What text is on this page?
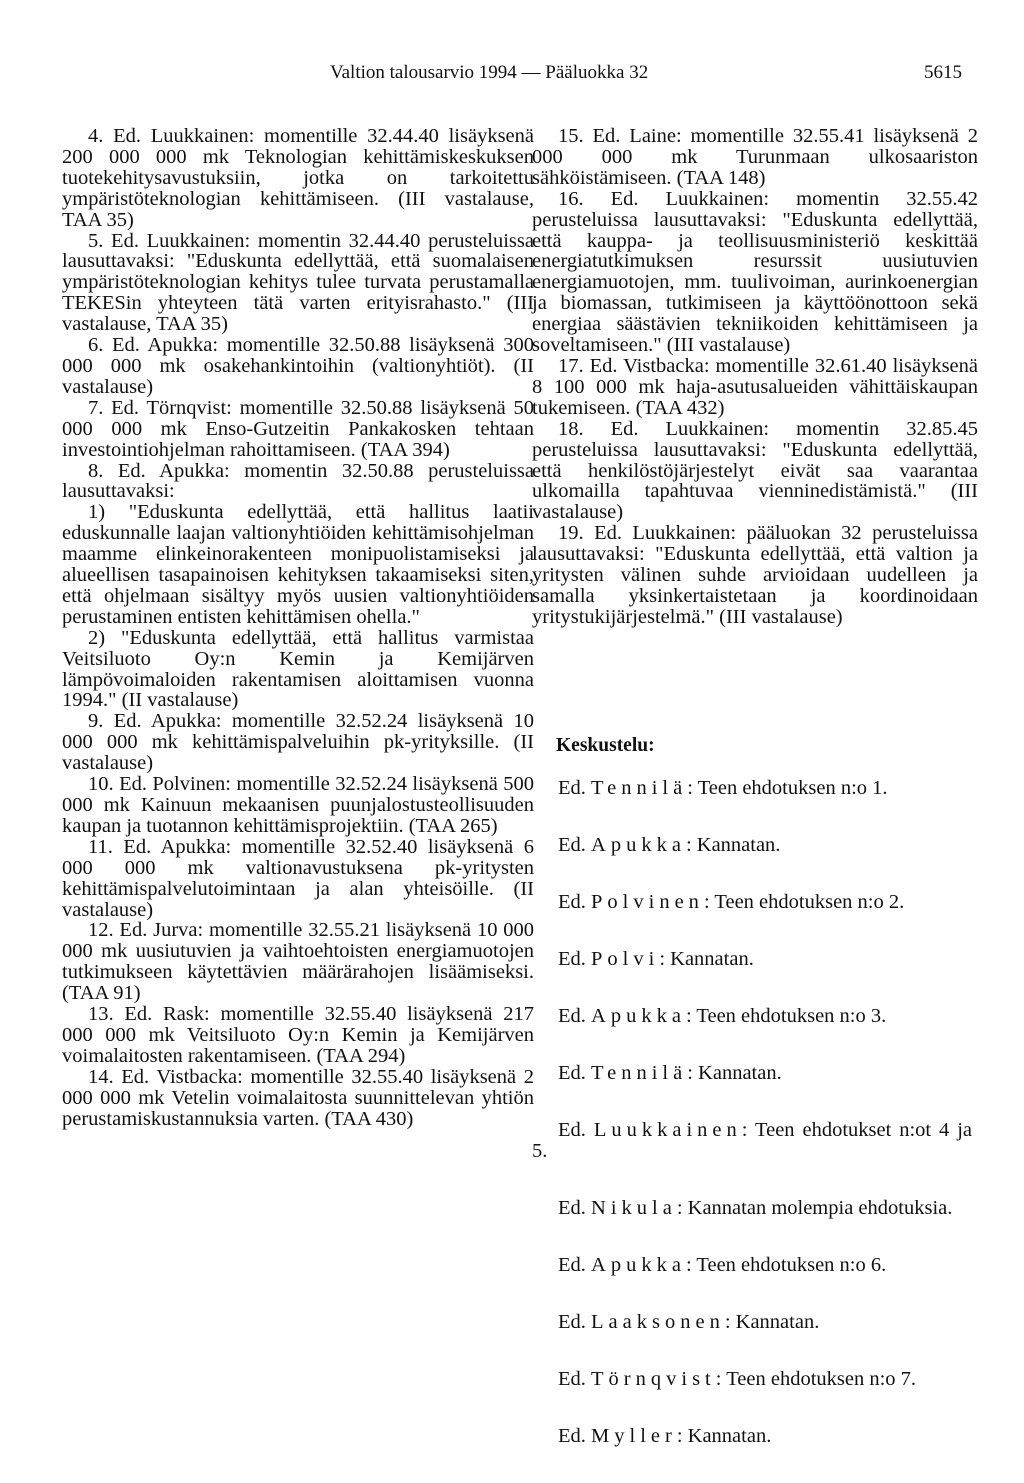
Valtion talousarvio 1994 — Pääluokka 32	5615

4. Ed. Luukkainen: momentille 32.44.40 lisäyksenä 200 000 000 mk Teknologian kehittämiskeskuksen tuotekehitysavustuksiin, jotka on tarkoitettu ympäristöteknologian kehittämiseen. (III vastalause, TAA 35)

5. Ed. Luukkainen: momentin 32.44.40 perusteluissa lausuttavaksi: "Eduskunta edellyttää, että suomalaisen ympäristöteknologian kehitys tulee turvata perustamalla TEKESin yhteyteen tätä varten erityisrahasto." (III vastalause, TAA 35)

6. Ed. Apukka: momentille 32.50.88 lisäyksenä 300 000 000 mk osakehankintoihin (valtionyhtiöt). (II vastalause)

7. Ed. Törnqvist: momentille 32.50.88 lisäyksenä 50 000 000 mk Enso-Gutzeitin Pankakosken tehtaan investointiohjelman rahoittamiseen. (TAA 394)

8. Ed. Apukka: momentin 32.50.88 perusteluissa lausuttavaksi:

1) "Eduskunta edellyttää, että hallitus laatii eduskunnalle laajan valtionyhtiöiden kehittämisohjelman maamme elinkeinorakenteen monipuolistamiseksi ja alueellisen tasapainoisen kehityksen takaamiseksi siten, että ohjelmaan sisältyy myös uusien valtionyhtiöiden perustaminen entisten kehittämisen ohella."

2) "Eduskunta edellyttää, että hallitus varmistaa Veitsiluoto Oy:n Kemin ja Kemijärven lämpövoimaloiden rakentamisen aloittamisen vuonna 1994." (II vastalause)

9. Ed. Apukka: momentille 32.52.24 lisäyksenä 10 000 000 mk kehittämispalveluihin pk-yrityksille. (II vastalause)

10. Ed. Polvinen: momentille 32.52.24 lisäyksenä 500 000 mk Kainuun mekaanisen puunjalostusteollisuuden kaupan ja tuotannon kehittämisprojektiin. (TAA 265)

11. Ed. Apukka: momentille 32.52.40 lisäyksenä 6 000 000 mk valtionavustuksena pk-yritysten kehittämispalvelutoimintaan ja alan yhteisöille. (II vastalause)

12. Ed. Jurva: momentille 32.55.21 lisäyksenä 10 000 000 mk uusiutuvien ja vaihtoehtoisten energiamuotojen tutkimukseen käytettävien määrärahojen lisäämiseksi. (TAA 91)

13. Ed. Rask: momentille 32.55.40 lisäyksenä 217 000 000 mk Veitsiluoto Oy:n Kemin ja Kemijärven voimalaitosten rakentamiseen. (TAA 294)

14. Ed. Vistbacka: momentille 32.55.40 lisäyksenä 2 000 000 mk Vetelin voimalaitosta suunnittelevan yhtiön perustamiskustannuksia varten. (TAA 430)

15. Ed. Laine: momentille 32.55.41 lisäyksenä 2 000 000 mk Turunmaan ulkosaariston sähköistämiseen. (TAA 148)

16. Ed. Luukkainen: momentin 32.55.42 perusteluissa lausuttavaksi: "Eduskunta edellyttää, että kauppa- ja teollisuusministeriö keskittää energiatutkimuksen resurssit uusiutuvien energiamuotojen, mm. tuulivoiman, aurinkoenergian ja biomassan, tutkimiseen ja käyttöönottoon sekä energiaa säästävien tekniikoiden kehittämiseen ja soveltamiseen." (III vastalause)

17. Ed. Vistbacka: momentille 32.61.40 lisäyksenä 8 100 000 mk haja-asutusalueiden vähittäiskaupan tukemiseen. (TAA 432)

18. Ed. Luukkainen: momentin 32.85.45 perusteluissa lausuttavaksi: "Eduskunta edellyttää, että henkilöstöjärjestelyt eivät saa vaarantaa ulkomailla tapahtuvaa vienninedistämistä." (III vastalause)

19. Ed. Luukkainen: pääluokan 32 perusteluissa lausuttavaksi: "Eduskunta edellyttää, että valtion ja yritysten välinen suhde arvioidaan uudelleen ja samalla yksinkertaistetaan ja koordinoidaan yritystukijärjestelmä." (III vastalause)

Keskustelu:
Ed. Tennilä: Teen ehdotuksen n:o 1.
Ed. Apukka: Kannatan.
Ed. Polvinen: Teen ehdotuksen n:o 2.
Ed. Polvi: Kannatan.
Ed. Apukka: Teen ehdotuksen n:o 3.
Ed. Tennilä: Kannatan.
Ed. Luukkainen: Teen ehdotukset n:ot 4 ja 5.
Ed. Nikula: Kannatan molempia ehdotuksia.
Ed. Apukka: Teen ehdotuksen n:o 6.
Ed. Laaksonen: Kannatan.
Ed. Törnqvist: Teen ehdotuksen n:o 7.
Ed. Myller: Kannatan.
